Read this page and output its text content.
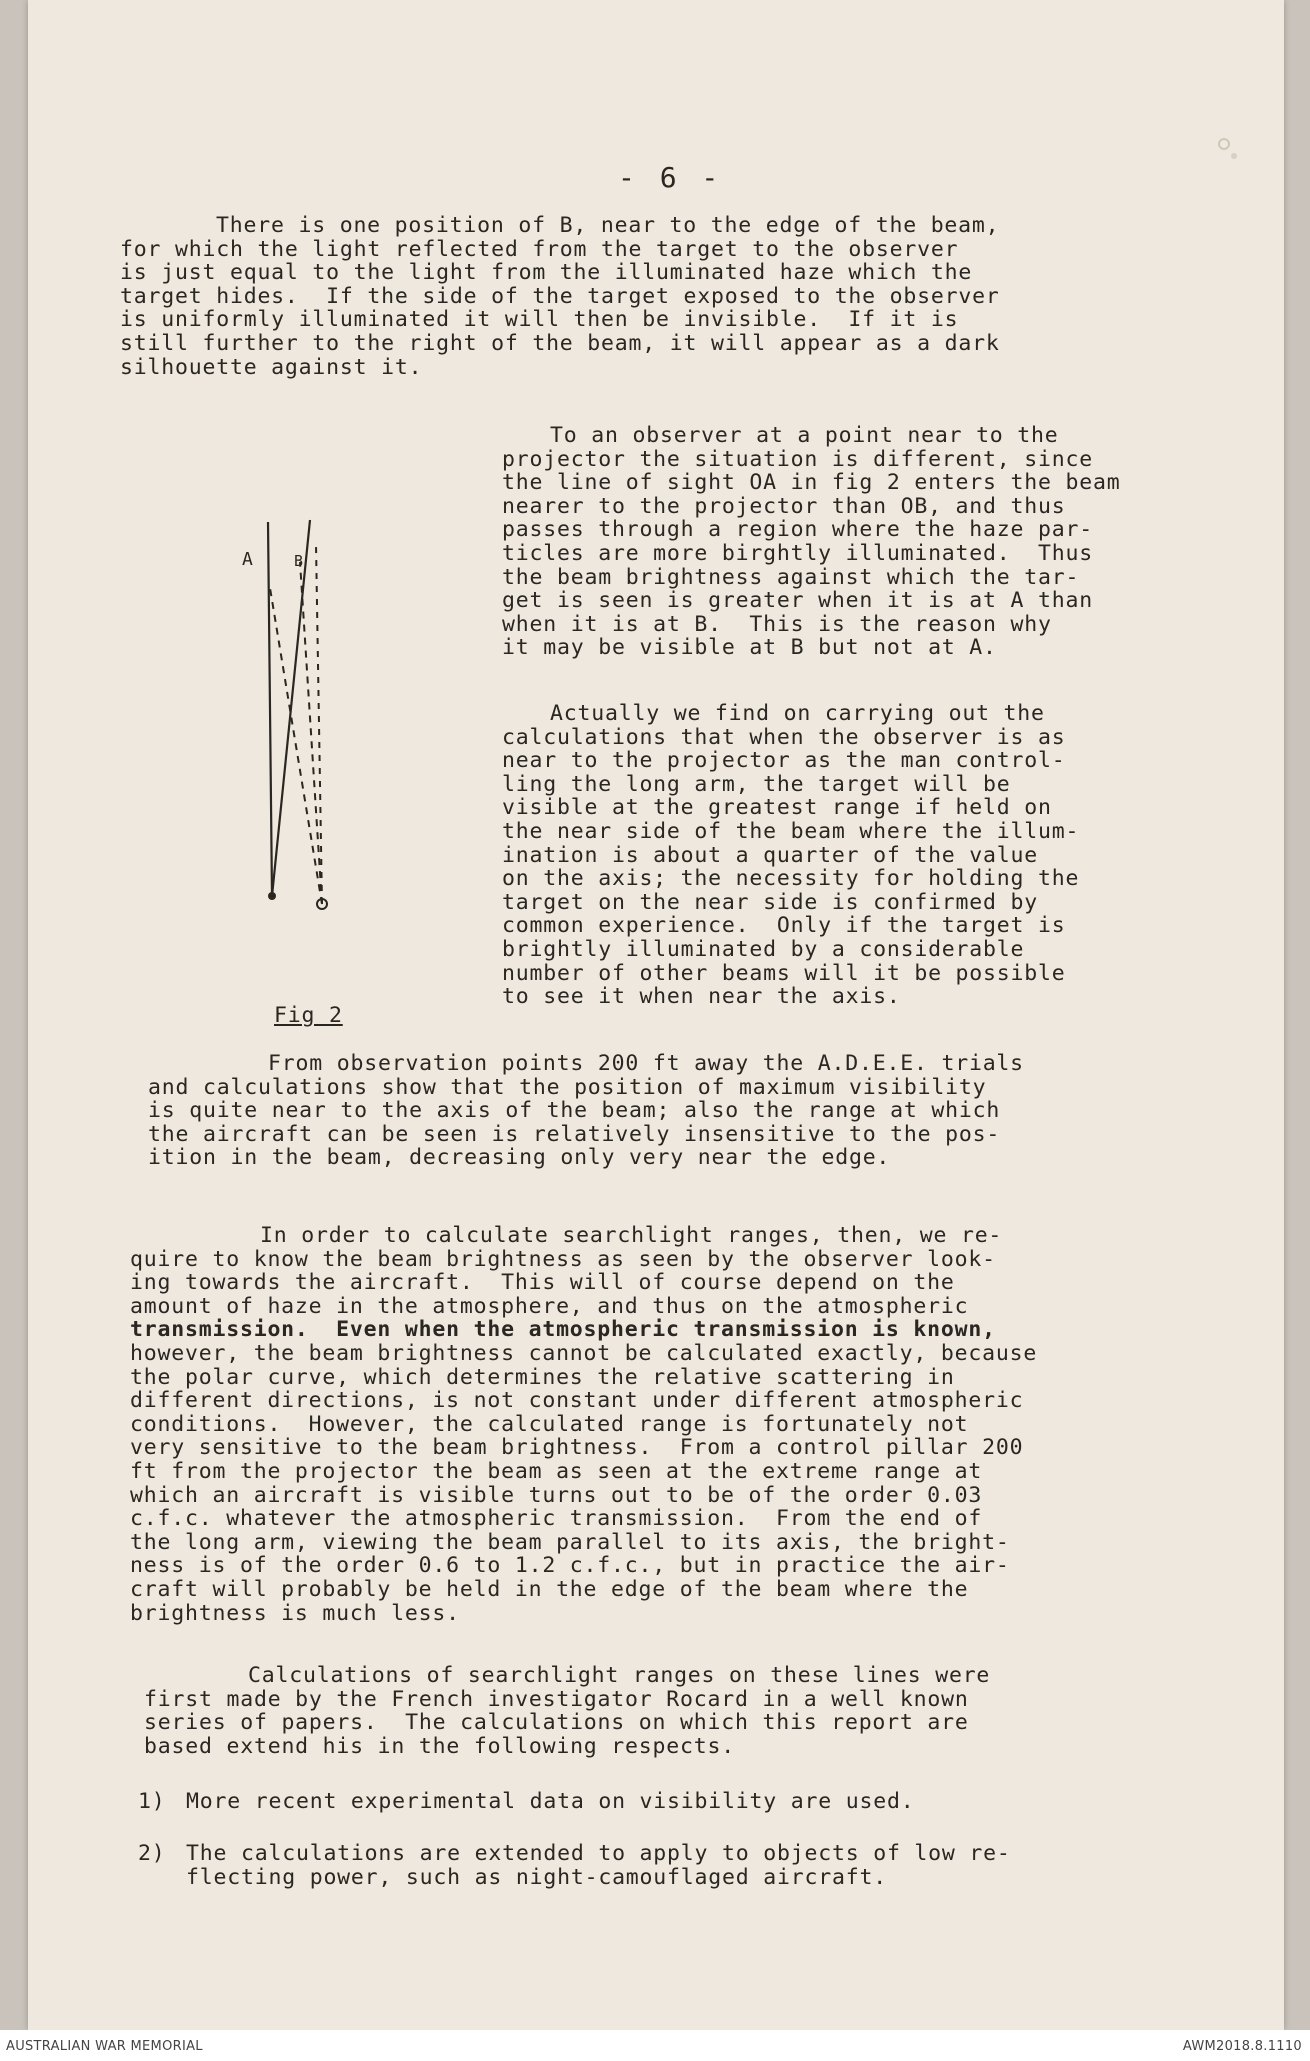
- 6 -
There is one position of B, near to the edge of the beam,
for which the light reflected from the target to the observer
is just equal to the light from the illuminated haze which the
target hides.  If the side of the target exposed to the observer
is uniformly illuminated it will then be invisible.  If it is
still further to the right of the beam, it will appear as a dark
silhouette against it.
To an observer at a point near to the
projector the situation is different, since
the line of sight OA in fig 2 enters the beam
nearer to the projector than OB, and thus
passes through a region where the haze par-
ticles are more birghtly illuminated.  Thus
the beam brightness against which the tar-
get is seen is greater when it is at A than
when it is at B.  This is the reason why
it may be visible at B but not at A.
Actually we find on carrying out the
calculations that when the observer is as
near to the projector as the man control-
ling the long arm, the target will be
visible at the greatest range if held on
the near side of the beam where the illum-
ination is about a quarter of the value
on the axis; the necessity for holding the
target on the near side is confirmed by
common experience.  Only if the target is
brightly illuminated by a considerable
number of other beams will it be possible
to see it when near the axis.
A	B
Fig 2
From observation points 200 ft away the A.D.E.E. trials
and calculations show that the position of maximum visibility
is quite near to the axis of the beam; also the range at which
the aircraft can be seen is relatively insensitive to the pos-
ition in the beam, decreasing only very near the edge.
In order to calculate searchlight ranges, then, we re-
quire to know the beam brightness as seen by the observer look-
ing towards the aircraft.  This will of course depend on the
amount of haze in the atmosphere, and thus on the atmospheric
transmission.  Even when the atmospheric transmission is known,
however, the beam brightness cannot be calculated exactly, because
the polar curve, which determines the relative scattering in
different directions, is not constant under different atmospheric
conditions.  However, the calculated range is fortunately not
very sensitive to the beam brightness.  From a control pillar 200
ft from the projector the beam as seen at the extreme range at
which an aircraft is visible turns out to be of the order 0.03
c.f.c. whatever the atmospheric transmission.  From the end of
the long arm, viewing the beam parallel to its axis, the bright-
ness is of the order 0.6 to 1.2 c.f.c., but in practice the air-
craft will probably be held in the edge of the beam where the
brightness is much less.
Calculations of searchlight ranges on these lines were
first made by the French investigator Rocard in a well known
series of papers.  The calculations on which this report are
based extend his in the following respects.

1)

More recent experimental data on visibility are used.

2)

The calculations are extended to apply to objects of low re-
flecting power, such as night-camouflaged aircraft.

AUSTRALIAN WAR MEMORIAL	AWM2018.8.1110
